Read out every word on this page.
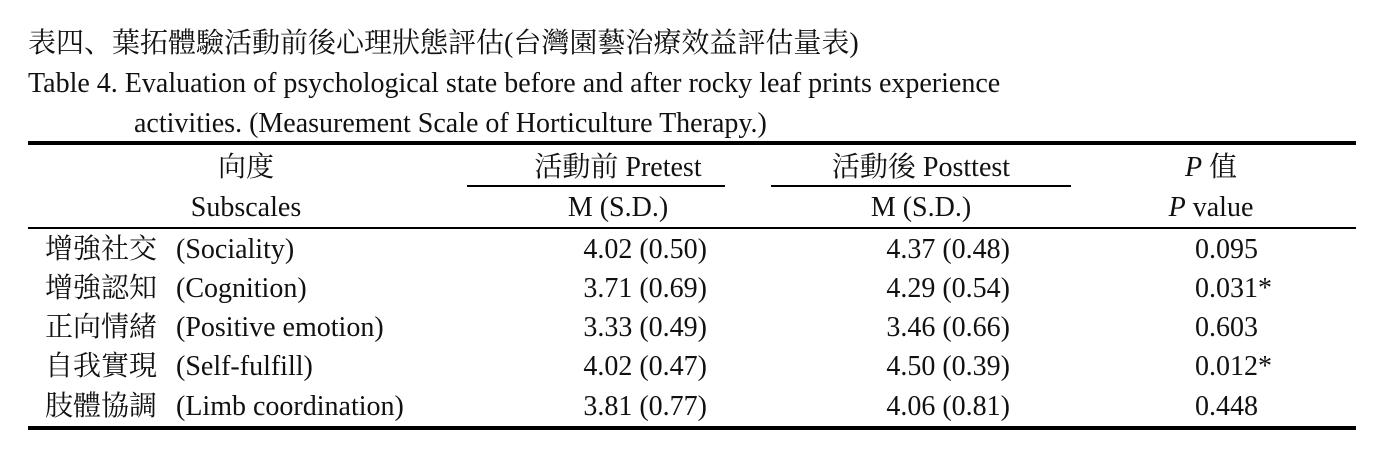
表四、葉拓體驗活動前後心理狀態評估(台灣園藝治療效益評估量表)
Table 4. Evaluation of psychological state before and after rocky leaf prints experience
activities. (Measurement Scale of Horticulture Therapy.)
向度	活動前 Pretest	活動後 Posttest	P 值
Subscales	M (S.D.)	M (S.D.)	P value
增強社交 (Sociality)	4.02 (0.50)	4.37 (0.48)	0.095
增強認知 (Cognition)	3.71 (0.69)	4.29 (0.54)	0.031*
正向情緒 (Positive emotion)	3.33 (0.49)	3.46 (0.66)	0.603
自我實現 (Self-fulfill)	4.02 (0.47)	4.50 (0.39)	0.012*
肢體協調 (Limb coordination)	3.81 (0.77)	4.06 (0.81)	0.448
